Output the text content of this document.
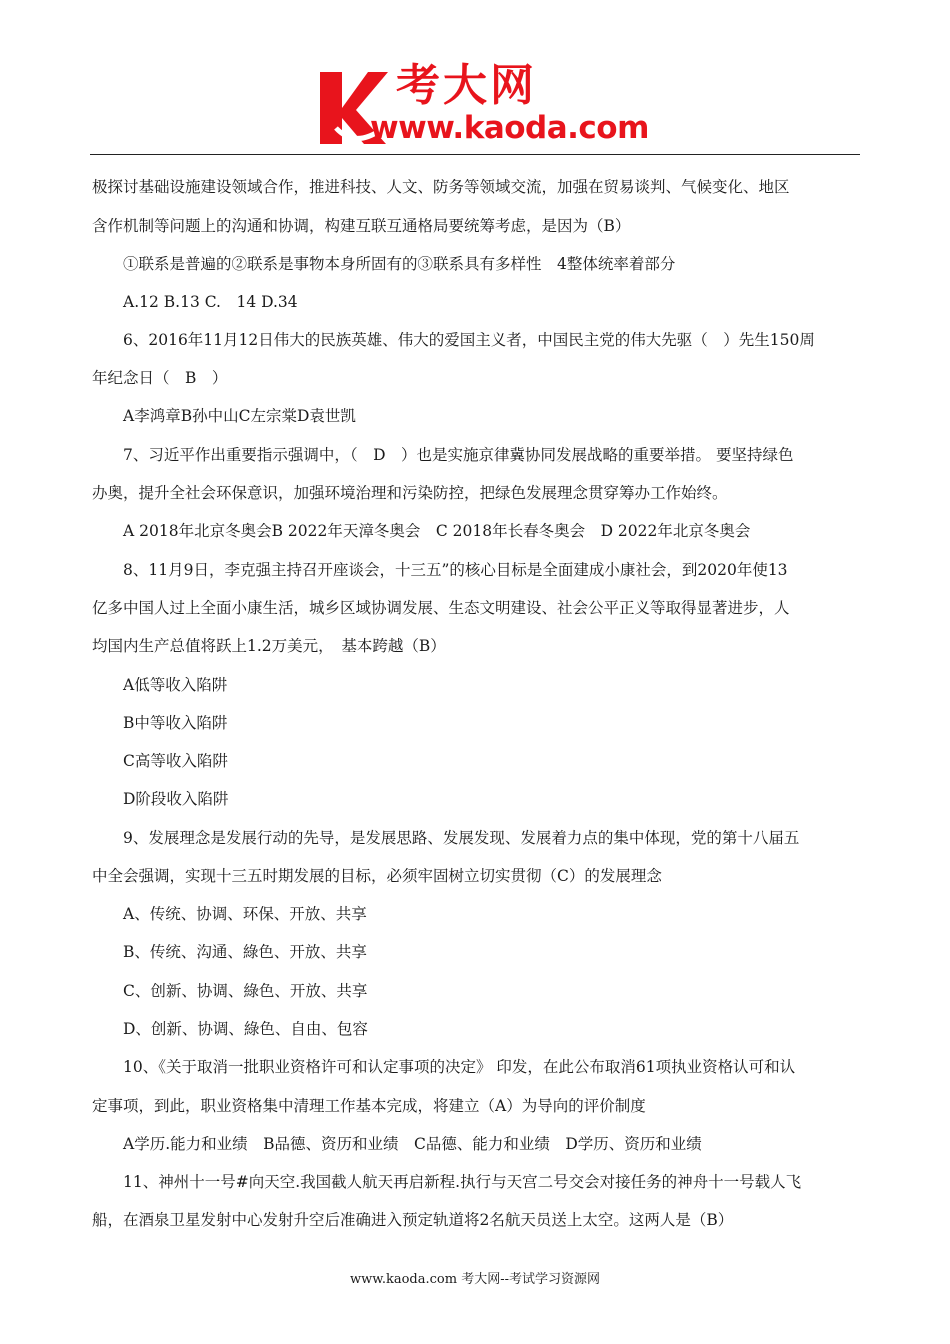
考大网
www.kaoda.com
极探讨基础设施建设领域合作，推进科技、人文、防务等领域交流，加强在贸易谈判、气候变化、地区
含作机制等问题上的沟通和协调，构建互联互通格局要统筹考虑，是因为（B）
①联系是普遍的②联系是事物本身所固有的③联系具有多样性　4整体统率着部分
A.12 B.13 C.　14 D.34
6、2016年11月12日伟大的民族英雄、伟大的爱国主义者，中国民主党的伟大先驱（　）先生150周
年纪念日（　B　）
A李鸿章B孙中山C左宗棠D袁世凯
7、习近平作出重要指示强调中，（　D　）也是实施京律冀协同发展战略的重要举措。 要坚持绿色
办奥，提升全社会环保意识，加强环境治理和污染防控，把绿色发展理念贯穿筹办工作始终。
A 2018年北京冬奥会B 2022年天漳冬奥会　C 2018年长春冬奥会　D 2022年北京冬奥会
8、11月9日，李克强主持召开座谈会，十三五”的核心目标是全面建成小康社会，到2020年使13
亿多中国人过上全面小康生活，城乡区域协调发展、生态文明建设、社会公平正义等取得显著进步，人
均国内生产总值将跃上1.2万美元，　基本跨越（B）
A低等收入陷阱
B中等收入陷阱
C高等收入陷阱
D阶段收入陷阱
9、发展理念是发展行动的先导，是发展思路、发展发现、发展着力点的集中体现，党的第十八届五
中全会强调，实现十三五时期发展的目标，必须牢固树立切实贯彻（C）的发展理念
A、传统、协调、环保、开放、共享
B、传统、沟通、綠色、开放、共享
C、创新、协调、綠色、开放、共享
D、创新、协调、綠色、自由、包容
10、《关于取消一批职业资格许可和认定事项的决定》 印发，在此公布取消61项执业资格认可和认
定事项，到此，职业资格集中清理工作基本完成，将建立（A）为导向的评价制度
A学历.能力和业绩　B品德、资历和业绩　C品德、能力和业绩　D学历、资历和业绩
11、神州十一号#向天空.我国截人航天再启新程.执行与天宫二号交会对接任务的神舟十一号载人飞
船，在酒泉卫星发射中心发射升空后准确进入预定轨道将2名航天员送上太空。这两人是（B）
www.kaoda.com 考大网--考试学习资源网
